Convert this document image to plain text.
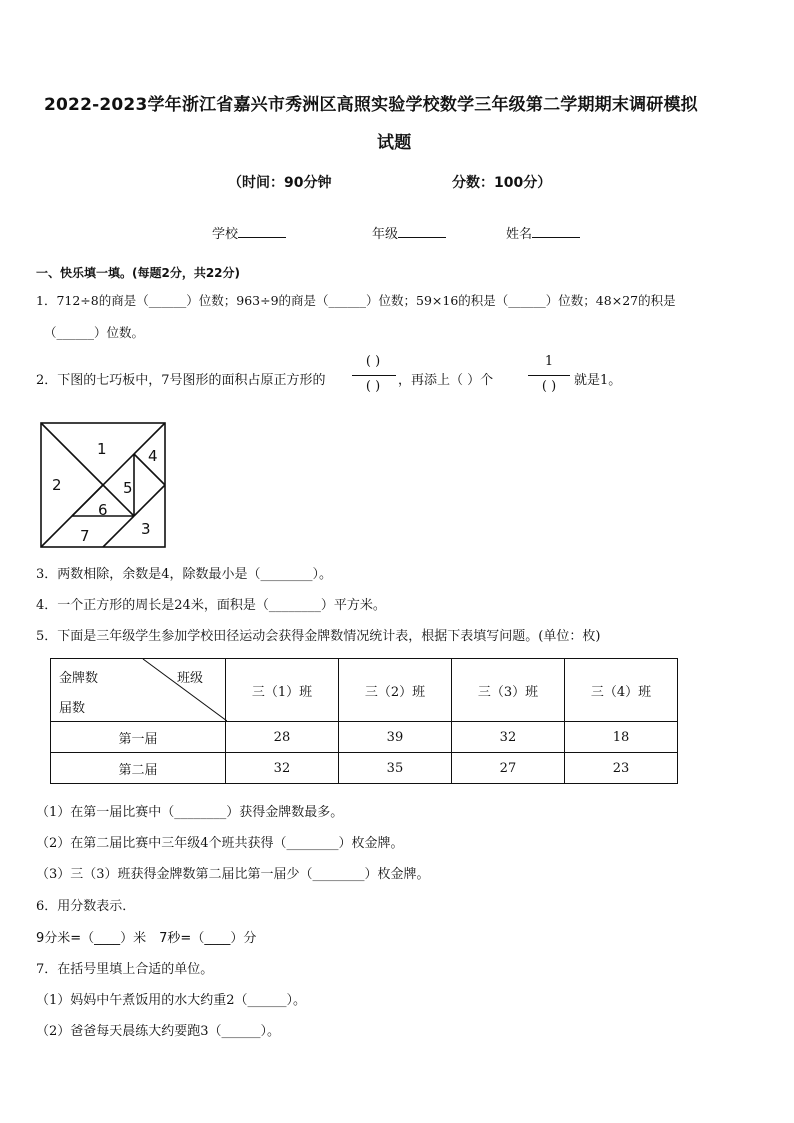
2022-2023学年浙江省嘉兴市秀洲区高照实验学校数学三年级第二学期期末调研模拟
试题
（时间：90分钟	分数：100分）
学校	年级	姓名
一、快乐填一填。(每题2分，共22分)
1．712÷8的商是（______）位数；963÷9的商是（______）位数；59×16的积是（______）位数；48×27的积是
（______）位数。
2．下图的七巧板中，7号图形的面积占原正方形的
( )
( )	，再添上（ ）个
1
( )	就是1。
1
2
3
4
5
6
7
3．两数相除，余数是4，除数最小是（________）。
4．一个正方形的周长是24米，面积是（________）平方米。
5．下面是三年级学生参加学校田径运动会获得金牌数情况统计表，根据下表填写问题。(单位：枚)
金牌数 班级
届数	三（1）班	三（2）班	三（3）班	三（4）班
第一届	28	39	32	18
第二届	32	35	27	23
（1）在第一届比赛中（________）获得金牌数最多。
（2）在第二届比赛中三年级4个班共获得（________）枚金牌。
（3）三（3）班获得金牌数第二届比第一届少（________）枚金牌。
6．用分数表示．
9分米=（____）米　7秒=（____）分
7．在括号里填上合适的单位。
（1）妈妈中午煮饭用的水大约重2（______）。
（2）爸爸每天晨练大约要跑3（______）。
